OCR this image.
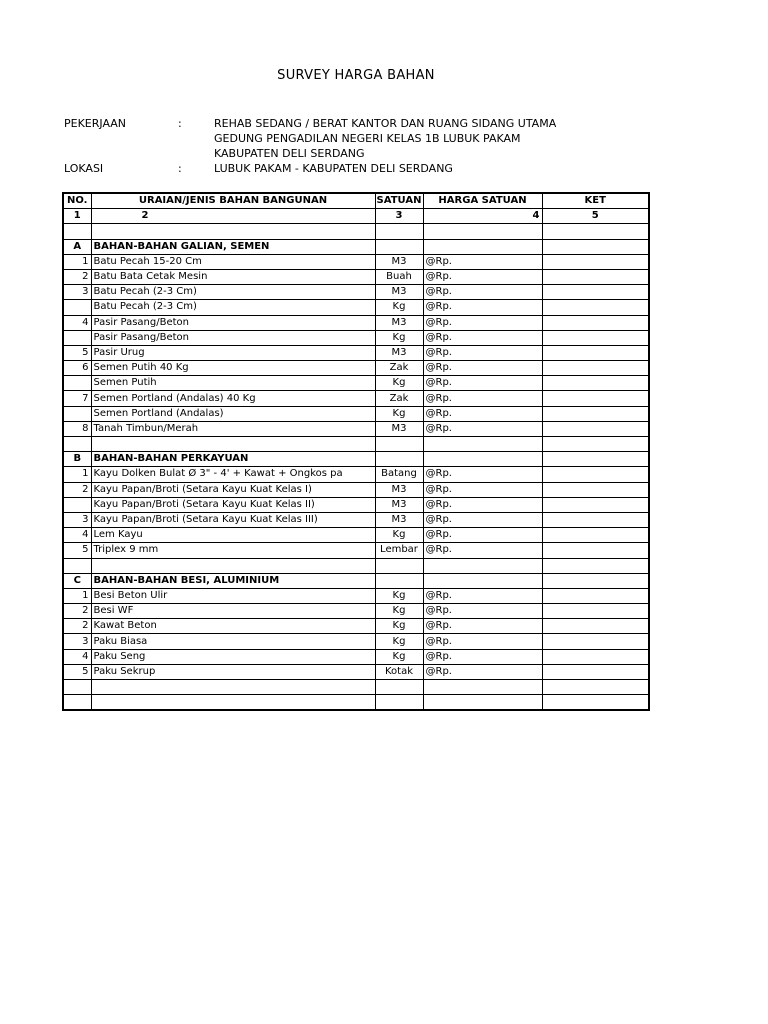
SURVEY HARGA BAHAN
PEKERJAAN	:	REHAB SEDANG / BERAT KANTOR DAN RUANG SIDANG UTAMA
GEDUNG PENGADILAN NEGERI KELAS 1B LUBUK PAKAM
KABUPATEN DELI SERDANG
LOKASI	:	LUBUK PAKAM - KABUPATEN DELI SERDANG
NO.	URAIAN/JENIS BAHAN BANGUNAN	SATUAN	HARGA SATUAN	KET
1	2	3	4	5

A	BAHAN-BAHAN GALIAN, SEMEN			
1	Batu Pecah 15-20 Cm	M3	@Rp.	
2	Batu Bata Cetak Mesin	Buah	@Rp.	
3	Batu Pecah (2-3 Cm)	M3	@Rp.	
	Batu Pecah (2-3 Cm)	Kg	@Rp.	
4	Pasir Pasang/Beton	M3	@Rp.	
	Pasir Pasang/Beton	Kg	@Rp.	
5	Pasir Urug	M3	@Rp.	
6	Semen Putih 40 Kg	Zak	@Rp.	
	Semen Putih	Kg	@Rp.	
7	Semen Portland (Andalas) 40 Kg	Zak	@Rp.	
	Semen Portland (Andalas)	Kg	@Rp.	
8	Tanah Timbun/Merah	M3	@Rp.	

B	BAHAN-BAHAN PERKAYUAN			
1	Kayu Dolken Bulat Ø 3" - 4' + Kawat + Ongkos pa	Batang	@Rp.	
2	Kayu Papan/Broti (Setara Kayu Kuat Kelas I)	M3	@Rp.	
	Kayu Papan/Broti (Setara Kayu Kuat Kelas II)	M3	@Rp.	
3	Kayu Papan/Broti (Setara Kayu Kuat Kelas III)	M3	@Rp.	
4	Lem Kayu	Kg	@Rp.	
5	Triplex 9 mm	Lembar	@Rp.	

C	BAHAN-BAHAN BESI, ALUMINIUM			
1	Besi Beton Ulir	Kg	@Rp.	
2	Besi WF	Kg	@Rp.	
2	Kawat Beton	Kg	@Rp.	
3	Paku Biasa	Kg	@Rp.	
4	Paku Seng	Kg	@Rp.	
5	Paku Sekrup	Kotak	@Rp.	
